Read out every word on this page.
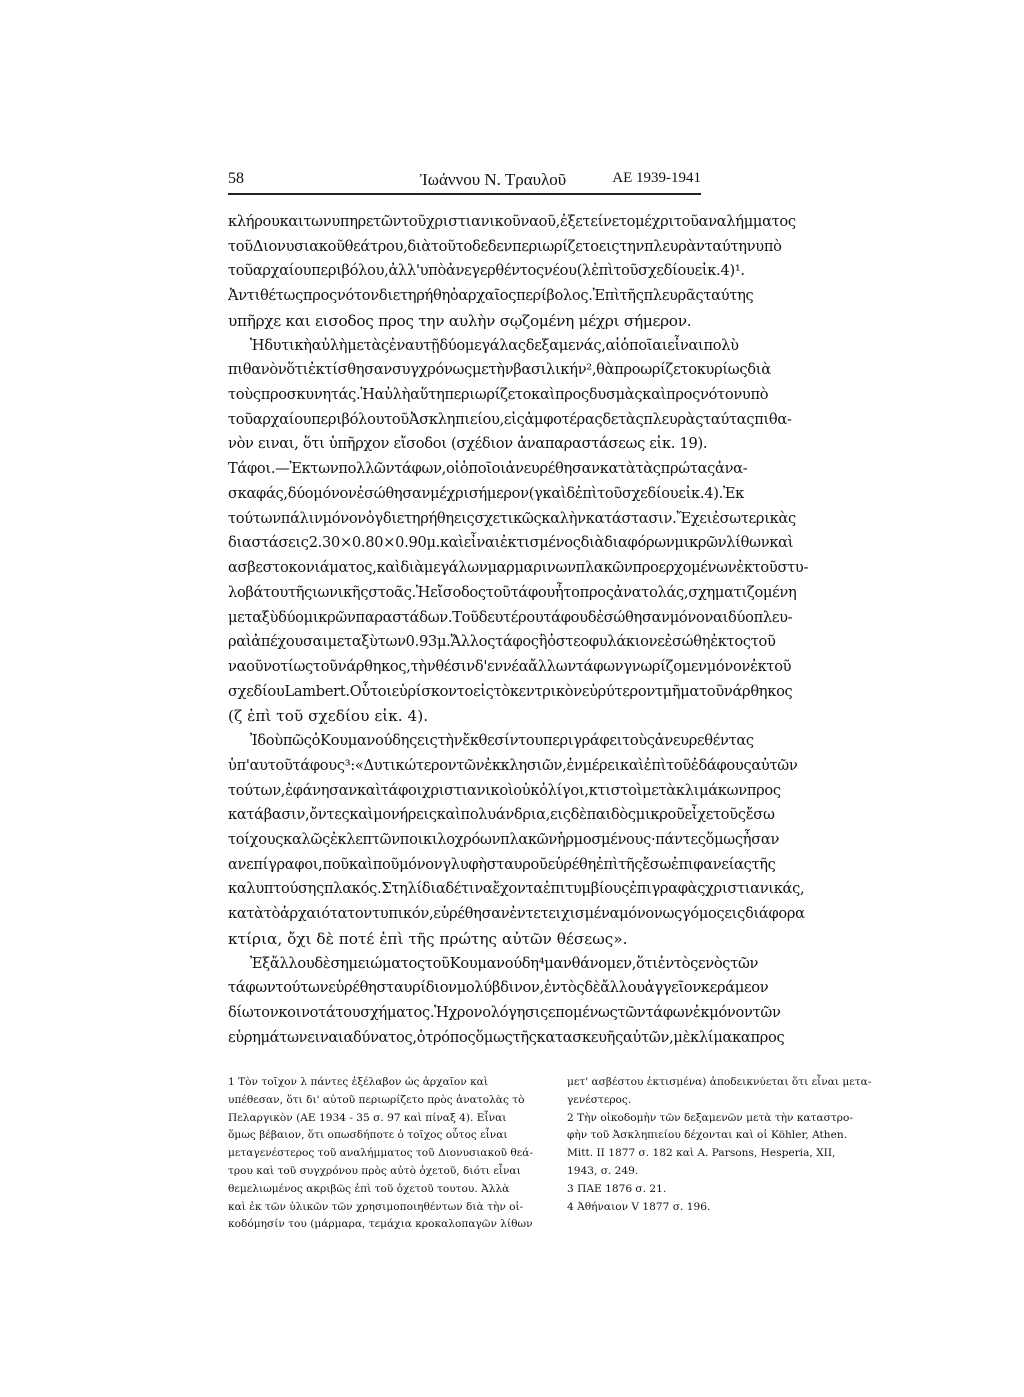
58	Ἰωάννου Ν. Τραυλοῦ	ΑΕ 1939-1941
κλήρου και των υπηρετῶν τοῦ χριστιανικοῦ ναοῦ, ἐξετείνετο μέχρι τοῦ αναλήμματος
τοῦ Διονυσιακοῦ θεάτρου, διὰ τοῦτο δε δεν περιωρίζετο εις την πλευρὰν ταύτην υπὸ
τοῦ αρχαίου περιβόλου, ἀλλ' υπὸ ἀνεγερθέντος νέου (λ ἐπὶ τοῦ σχεδίου εἰκ. 4)¹.
Ἀντιθέτως προς νότον διετηρήθη ὁ αρχαῖος περίβολος. Ἐπὶ τῆς πλευρᾶς ταύτης
υπῆρχε και εισοδος προς την αυλὴν σῳζομένη μέχρι σήμερον.
Ἡ δυτικὴ αὐλὴ με τὰς ἐν αυτῇ δύο μεγάλας δεξαμενάς, αἱ ὁποῖαι εἶναι πολὺ
πιθανὸν ὅτι ἐκτίσθησαν συγχρόνως με τὴν βασιλικήν ², θὰ προωρίζετο κυρίως διὰ
τοὺς προσκυνητάς. Ἡ αὐλὴ αὕτη περιωρίζετο καὶ προς δυσμὰς καὶ προς νότον υπὸ
τοῦ αρχαίου περιβόλου τοῦ Ἀσκληπιείου, εἰς ἀμφοτέρας δε τὰς πλευρὰς ταύτας πιθα-
νὸν ειναι, ὅτι ὑπῆρχον εἴσοδοι (σχέδιον ἀναπαραστάσεως εἰκ. 19).
Τάφοι.—Ἐκ των πολλῶν τάφων, οἱ ὁποῖοι ἀνευρέθησαν κατὰ τὰς πρώτας ἀνα-
σκαφάς, δύο μόνον ἐσώθησαν μέχρι σήμερον (γ καὶ δ ἐπὶ τοῦ σχεδίου εἰκ. 4). Ἐκ
τούτων πάλιν μόνον ὁ γ διετηρήθη εις σχετικῶς καλὴν κατάστασιν. Ἔχει ἐσωτερικὰς
διαστάσεις 2.30×0.80×0.90 μ. καὶ εἶναι ἐκτισμένος διὰ διαφόρων μικρῶν λίθων καὶ
ασβεστοκονιάματος, καὶ διὰ μεγάλων μαρμαρινων πλακῶν προερχομένων ἐκ τοῦ στυ-
λοβάτου τῆς ιωνικῆς στοᾶς. Ἡ εἴσοδος τοῦ τάφου ἦτο προς ἀνατολάς, σχηματιζομένη
μεταξὺ δύο μικρῶν παραστάδων. Τοῦ δευτέρου τάφου δ ἐσώθησαν μόνον αι δύο πλευ-
ραὶ ἀπέχουσαι μεταξὺ των 0.93 μ. Ἄλλος τάφος ἢ ὀστεοφυλάκιον ε ἐσώθη ἐκτος τοῦ
ναοῦ νοτίως τοῦ νάρθηκος, τὴν θέσιν δ' εννέα ἄλλων τάφων γνωρίζομεν μόνον ἐκ τοῦ
σχεδίου Lambert. Οὗτοι εὑρίσκοντο εἰς τὸ κεντρικὸν εὐρύτερον τμῆμα τοῦ νάρθηκος
(ζ ἐπὶ τοῦ σχεδίου εἰκ. 4).
Ἰδοὺ πῶς ὁ Κουμανούδης εις τὴν ἔκθεσίν του περιγράφει τοὺς ἀνευρεθέντας
ὑπ' αυτοῦ τάφους ³: «Δυτικώτερον τῶν ἐκκλησιῶν, ἐν μέρει καὶ ἐπὶ τοῦ ἐδάφους αὐτῶν
τούτων, ἐφάνησαν καὶ τάφοι χριστιανικοὶ οὐκ ὀλίγοι, κτιστοὶ μετὰ κλιμάκων προς
κατάβασιν, ὄντες καὶ μονήρεις καὶ πολυάνδρια, εις δὲ παιδὸς μικροῦ εἶχε τοῦς ἔσω
τοίχους καλῶς ἐκ λεπτῶν ποικιλοχρόων πλακῶν ἡρμοσμένους· πάντες ὅμως ἦσαν
ανεπίγραφοι, ποῦ καὶ ποῦ μόνον γλυφὴ σταυροῦ εὑρέθη ἐπὶ τῆς ἔσω ἐπιφανείας τῆς
καλυπτούσης πλακός. Στηλίδια δέ τινα ἔχοντα ἐπιτυμβίους ἐπιγραφὰς χριστιανικάς,
κατὰ τὸ ἀρχαιότατον τυπικόν, εὑρέθησαν ἐντετειχισμένα μόνον ως γόμος εις διάφορα
κτίρια, ὄχι δὲ ποτέ ἐπὶ τῆς πρώτης αὐτῶν θέσεως».
Ἐξ ἄλλου δὲ σημειώματος τοῦ Κουμανούδη ⁴ μανθάνομεν, ὅτι ἐντὸς ενὸς τῶν
τάφων τούτων εὑρέθη σταυρίδιον μολύβδινον, ἐντὸς δὲ ἄλλου ἀγγεῖον κεράμεον
δίωτον κοινοτάτου σχήματος. Ἡ χρονολόγησις επομένως τῶν τάφων ἐκ μόνον τῶν
εὑρημάτων ειναι αδύνατος, ὁ τρόπος ὅμως τῆς κατασκευῆς αὐτῶν, μὲ κλίμακα προς
1 Τὸν τοῖχον λ πάντες ἐξέλαβον ὡς ἀρχαῖον καὶ
υπέθεσαν, ὅτι δι' αὐτοῦ περιωρίζετο πρὸς ἀνατολὰς τὸ
Πελαργικὸν (ΑΕ 1934 - 35 σ. 97 καὶ πίναξ 4). Εἶναι
ὅμως βέβαιον, ὅτι οπωσδήποτε ὁ τοῖχος οὗτος εἶναι
μεταγενέστερος τοῦ αναλήμματος τοῦ Διονυσιακοῦ θεά-
τρου καὶ τοῦ συγχρόνου πρὸς αὐτὸ ὀχετοῦ, διότι εἶναι
θεμελιωμένος ακριβῶς ἐπὶ τοῦ ὀχετοῦ τουτου. Ἀλλὰ
καὶ ἐκ τῶν ὑλικῶν τῶν χρησιμοποιηθέντων διὰ τὴν οἰ-
κοδόμησίν του (μάρμαρα, τεμάχια κροκαλοπαγῶν λίθων
μετ' ασβέστου ἐκτισμένα) ἀποδεικνύεται ὅτι εἶναι μετα-
γενέστερος.
2 Τὴν οἰκοδομὴν τῶν δεξαμενῶν μετὰ τὴν καταστρο-
φὴν τοῦ Ἀσκληπιείου δέχονται καὶ οἱ Köhler, Athen.
Mitt. II 1877 σ. 182 καὶ A. Parsons, Hesperia, XII,
1943, σ. 249.
3 ΠΑΕ 1876 σ. 21.
4 Ἀθήναιον V 1877 σ. 196.
